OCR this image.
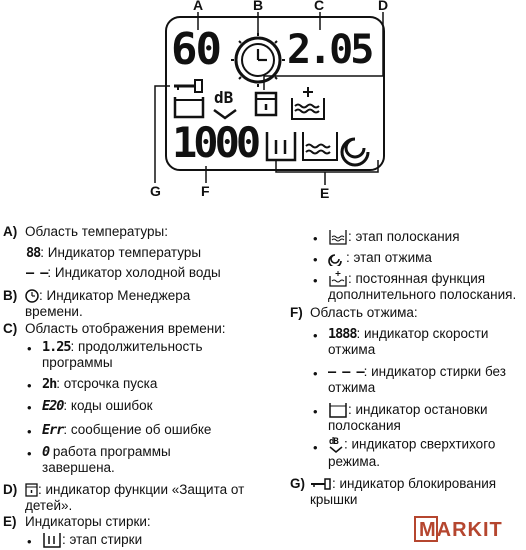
A	B	C	D
G	F	E
60 2.05
dB
1000
A) Область температуры:
88: Индикатор температуры
– –: Индикатор холодной воды
B)	: Индикатор Менеджера
времени.
C) Область отображения времени:
• 1.25: продолжительность
программы
• 2h: отсрочка пуска
• E20: коды ошибок
• Err: сообщение об ошибке
• 0 работа программы
завершена.
D)	: индикатор функции «Защита от
детей».
E) Индикаторы стирки:
•	: этап стирки
•	: этап полоскания
•	: этап отжима
•	: постоянная функция
дополнительного полоскания.
F) Область отжима:
• 1888: индикатор скорости
отжима
• – – –: индикатор стирки без
отжима
•	: индикатор остановки
полоскания
• dB : индикатор сверхтихого
режима.
G)	: индикатор блокирования
крышки
MARKIT
